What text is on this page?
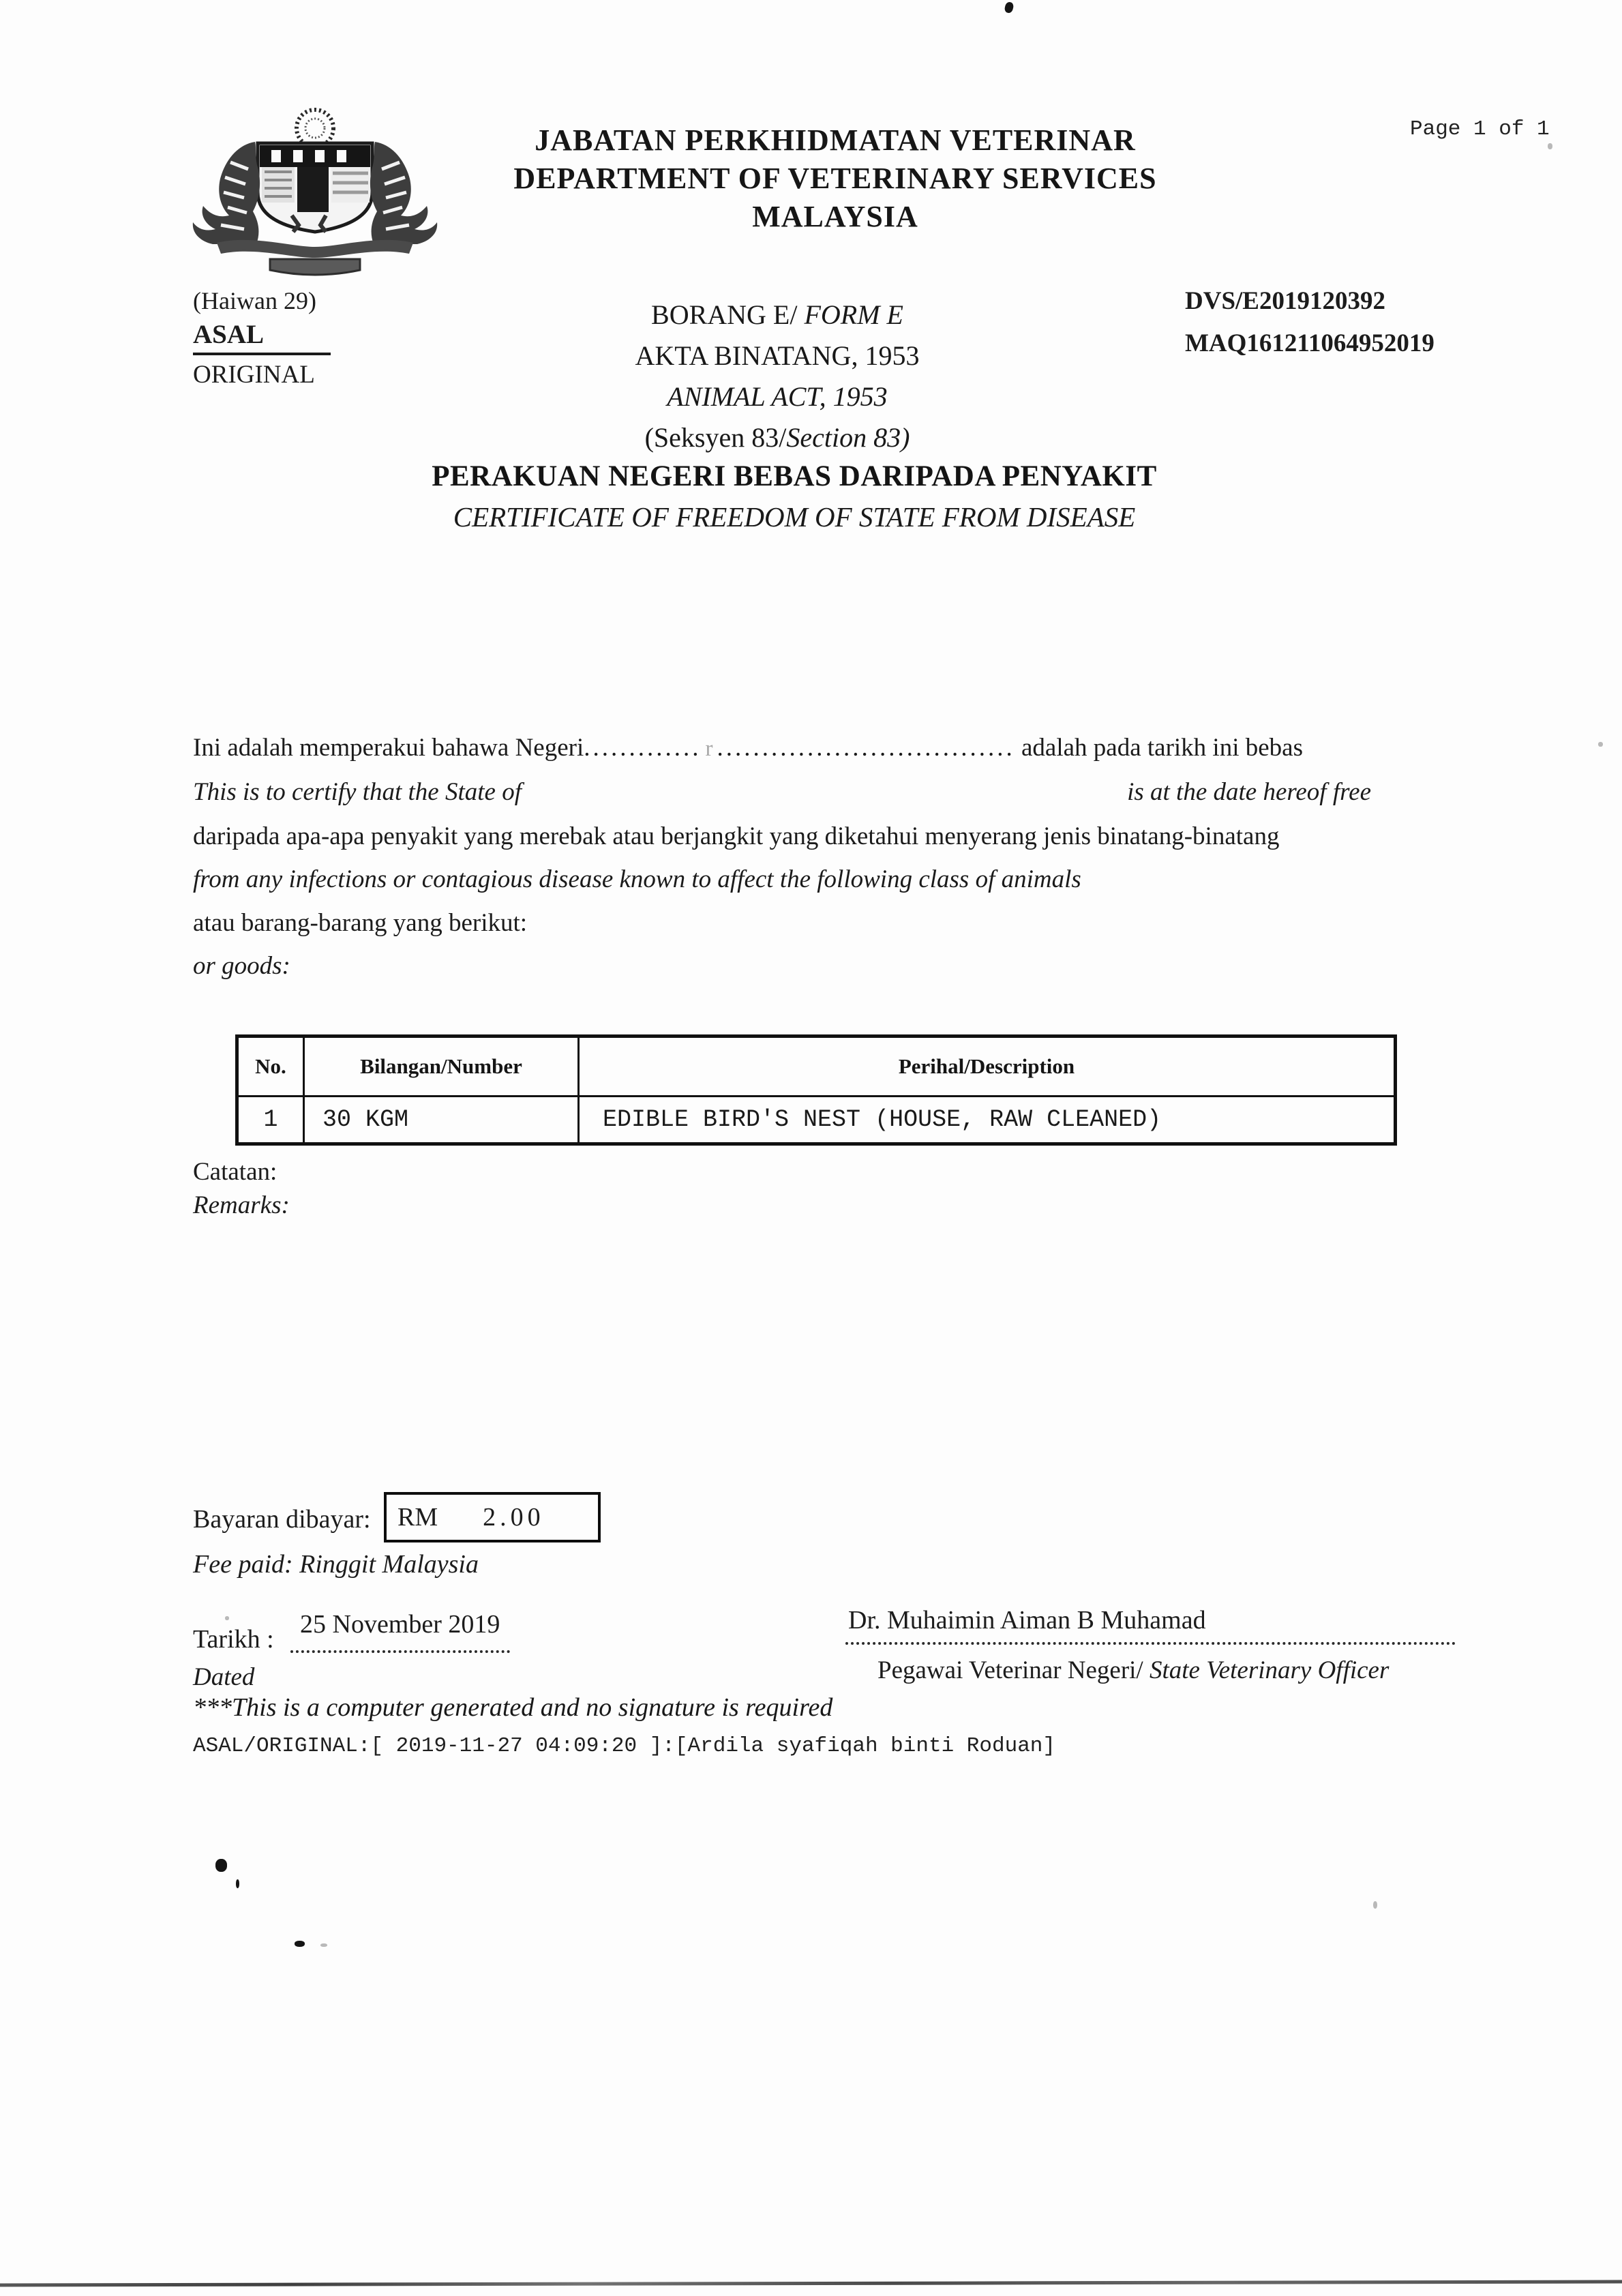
JABATAN PERKHIDMATAN VETERINAR
DEPARTMENT OF VETERINARY SERVICES
MALAYSIA
Page 1 of 1
(Haiwan 29)
ASAL
ORIGINAL
BORANG E/ FORM E
AKTA BINATANG, 1953
ANIMAL ACT, 1953
(Seksyen 83/Section 83)
DVS/E2019120392
MAQ161211064952019
PERAKUAN NEGERI BEBAS DARIPADA PENYAKIT
CERTIFICATE OF FREEDOM OF STATE FROM DISEASE
Ini adalah memperakui bahawa Negeri............. r ................................. adalah pada tarikh ini bebas
This is to certify that the State of	is at the date hereof free
daripada apa-apa penyakit yang merebak atau berjangkit yang diketahui menyerang jenis binatang-binatang
from any infections or contagious disease known to affect the following class of animals
atau barang-barang yang berikut:
or goods:
No.	Bilangan/Number	Perihal/Description
1	30 KGM	EDIBLE BIRD'S NEST (HOUSE, RAW CLEANED)
Catatan:
Remarks:
Bayaran dibayar: RM 2.00
Fee paid: Ringgit Malaysia
Tarikh :
25 November 2019
Dated
Dr. Muhaimin Aiman B Muhamad
Pegawai Veterinar Negeri/ State Veterinary Officer
***This is a computer generated and no signature is required
ASAL/ORIGINAL:[ 2019-11-27 04:09:20 ]:[Ardila syafiqah binti Roduan]
